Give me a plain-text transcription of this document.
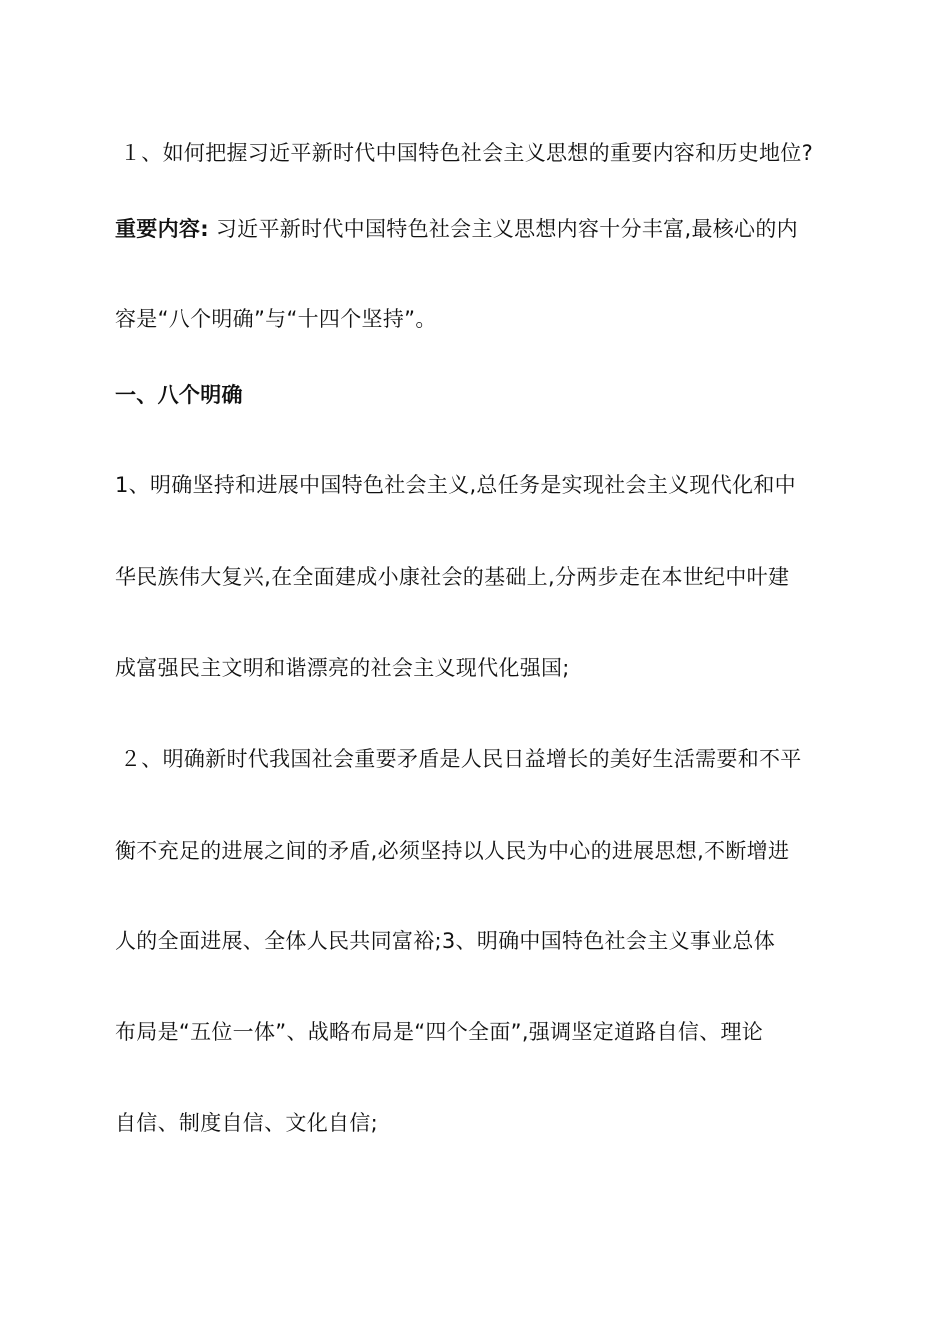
１、如何把握习近平新时代中国特色社会主义思想的重要内容和历史地位?
重要内容: 习近平新时代中国特色社会主义思想内容十分丰富,最核心的内
容是“八个明确”与“十四个坚持”。
一、八个明确
1、明确坚持和进展中国特色社会主义,总任务是实现社会主义现代化和中
华民族伟大复兴,在全面建成小康社会的基础上,分两步走在本世纪中叶建
成富强民主文明和谐漂亮的社会主义现代化强国;
２、明确新时代我国社会重要矛盾是人民日益增长的美好生活需要和不平
衡不充足的进展之间的矛盾,必须坚持以人民为中心的进展思想,不断增进
人的全面进展、全体人民共同富裕;3、明确中国特色社会主义事业总体
布局是“五位一体”、战略布局是“四个全面”,强调坚定道路自信、理论
自信、制度自信、文化自信;
